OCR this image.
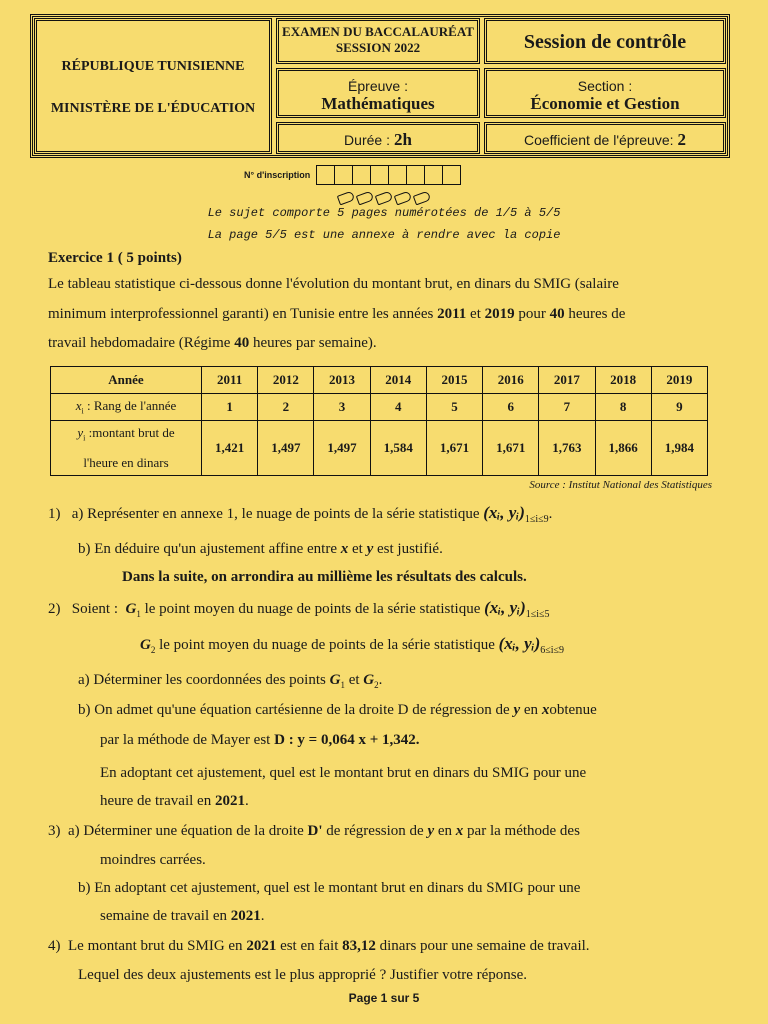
RÉPUBLIQUE TUNISIENNE
MINISTÈRE DE L'ÉDUCATION
EXAMEN DU BACCALAURÉAT
SESSION 2022	Session de contrôle
Épreuve :
Mathématiques
Section :
Économie et Gestion
Durée : 2h	Coefficient de l'épreuve: 2
N° d'inscription
Le sujet comporte 5 pages numérotées de 1/5 à 5/5
La page 5/5 est une annexe à rendre avec la copie
Exercice 1 ( 5 points)
Le tableau statistique ci-dessous donne l'évolution du montant brut, en dinars du SMIG (salaire
minimum interprofessionnel garanti) en Tunisie entre les années 2011 et 2019 pour 40 heures de
travail hebdomadaire (Régime 40 heures par semaine).
Année	2011	2012	2013	2014	2015	2016	2017	2018	2019
$x_i$ : Rang de l'année	1	2	3	4	5	6	7	8	9
$y_i$ :montant brut de
l'heure en dinars	1,421	1,497	1,497	1,584	1,671	1,671	1,763	1,866	1,984
Source : Institut National des Statistiques
1) a) Représenter en annexe 1, le nuage de points de la série statistique (xᵢ, $yᵢ)_{1\le i\le 9}$.
b) En déduire qu'un ajustement affine entre x et y est justifié.
Dans la suite, on arrondira au millième les résultats des calculs.
2) Soient : $G_1$ le point moyen du nuage de points de la série statistique (xᵢ, $yᵢ)_{1\le i\le 5}$
$G_2$ le point moyen du nuage de points de la série statistique (xᵢ, $yᵢ)_{6\le i\le 9}$
a) Déterminer les coordonnées des points $G_1$ et $G_2$.
b) On admet qu'une équation cartésienne de la droite D de régression de y en xobtenue
par la méthode de Mayer est D : y = 0,064 x + 1,342.
En adoptant cet ajustement, quel est le montant brut en dinars du SMIG pour une
heure de travail en 2021.
3) a) Déterminer une équation de la droite D' de régression de y en x par la méthode des
moindres carrées.
b) En adoptant cet ajustement, quel est le montant brut en dinars du SMIG pour une
semaine de travail en 2021.
4) Le montant brut du SMIG en 2021 est en fait 83,12 dinars pour une semaine de travail.
Lequel des deux ajustements est le plus approprié ? Justifier votre réponse.
Page 1 sur 5
